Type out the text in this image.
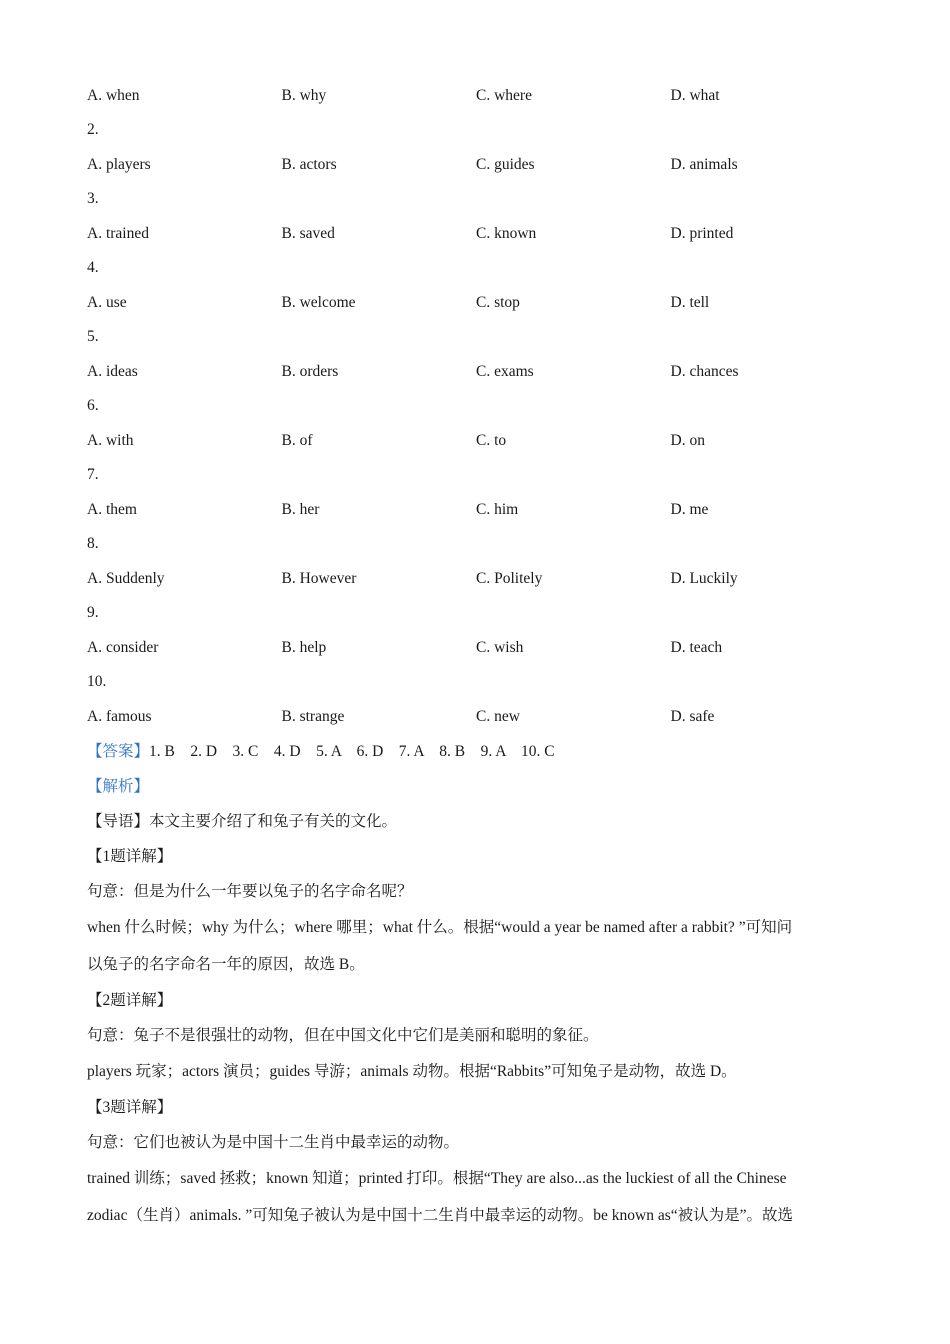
A. when	B. why	C. where	D. what
2.
A. players	B. actors	C. guides	D. animals
3.
A. trained	B. saved	C. known	D. printed
4.
A. use	B. welcome	C. stop	D. tell
5.
A. ideas	B. orders	C. exams	D. chances
6.
A. with	B. of	C. to	D. on
7.
A. them	B. her	C. him	D. me
8.
A. Suddenly	B. However	C. Politely	D. Luckily
9.
A. consider	B. help	C. wish	D. teach
10.
A. famous	B. strange	C. new	D. safe
【答案】1. B    2. D    3. C    4. D    5. A    6. D    7. A    8. B    9. A    10. C
【解析】
【导语】本文主要介绍了和兔子有关的文化。
【1题详解】
句意：但是为什么一年要以兔子的名字命名呢？
when 什么时候；why 为什么；where 哪里；what 什么。根据“would a year be named after a rabbit? ”可知问
以兔子的名字命名一年的原因，故选 B。
【2题详解】
句意：兔子不是很强壮的动物，但在中国文化中它们是美丽和聪明的象征。
players 玩家；actors 演员；guides 导游；animals 动物。根据“Rabbits”可知兔子是动物，故选 D。
【3题详解】
句意：它们也被认为是中国十二生肖中最幸运的动物。
trained 训练；saved 拯救；known 知道；printed 打印。根据“They are also...as the luckiest of all the Chinese
zodiac（生肖）animals. ”可知兔子被认为是中国十二生肖中最幸运的动物。be known as“被认为是”。故选
